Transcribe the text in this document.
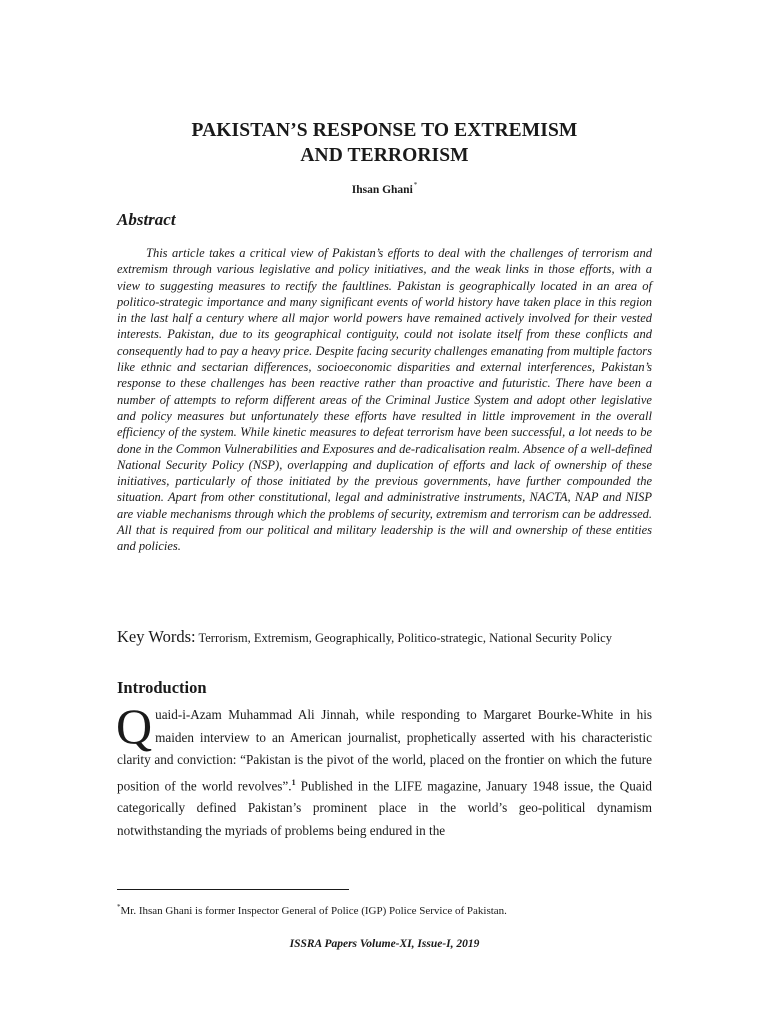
PAKISTAN’S RESPONSE TO EXTREMISM
AND TERRORISM
Ihsan Ghani*
Abstract

This article takes a critical view of Pakistan’s efforts to deal with the challenges of terrorism and extremism through various legislative and policy initiatives, and the weak links in those efforts, with a view to suggesting measures to rectify the faultlines. Pakistan is geographically located in an area of politico-strategic importance and many significant events of world history have taken place in this region in the last half a century where all major world powers have remained actively involved for their vested interests. Pakistan, due to its geographical contiguity, could not isolate itself from these conflicts and consequently had to pay a heavy price. Despite facing security challenges emanating from multiple factors like ethnic and sectarian differences, socioeconomic disparities and external interferences, Pakistan’s response to these challenges has been reactive rather than proactive and futuristic. There have been a number of attempts to reform different areas of the Criminal Justice System and adopt other legislative and policy measures but unfortunately these efforts have resulted in little improvement in the overall efficiency of the system. While kinetic measures to defeat terrorism have been successful, a lot needs to be done in the Common Vulnerabilities and Exposures and de-radicalisation realm. Absence of a well-defined National Security Policy (NSP), overlapping and duplication of efforts and lack of ownership of these initiatives, particularly of those initiated by the previous governments, have further compounded the situation. Apart from other constitutional, legal and administrative instruments, NACTA, NAP and NISP are viable mechanisms through which the problems of security, extremism and terrorism can be addressed. All that is required from our political and military leadership is the will and ownership of these entities and policies.

Key Words: Terrorism, Extremism, Geographically, Politico-strategic, National Security Policy

Introduction

Quaid-i-Azam Muhammad Ali Jinnah, while responding to Margaret Bourke-White in his maiden interview to an American journalist, prophetically asserted with his characteristic clarity and conviction: “Pakistan is the pivot of the world, placed on the frontier on which the future position of the world revolves”.$^1$ Published in the LIFE magazine, January 1948 issue, the Quaid categorically defined Pakistan’s prominent place in the world’s geo-political dynamism notwithstanding the myriads of problems being endured in the

*Mr. Ihsan Ghani is former Inspector General of Police (IGP) Police Service of Pakistan.
ISSRA Papers Volume-XI, Issue-I, 2019
